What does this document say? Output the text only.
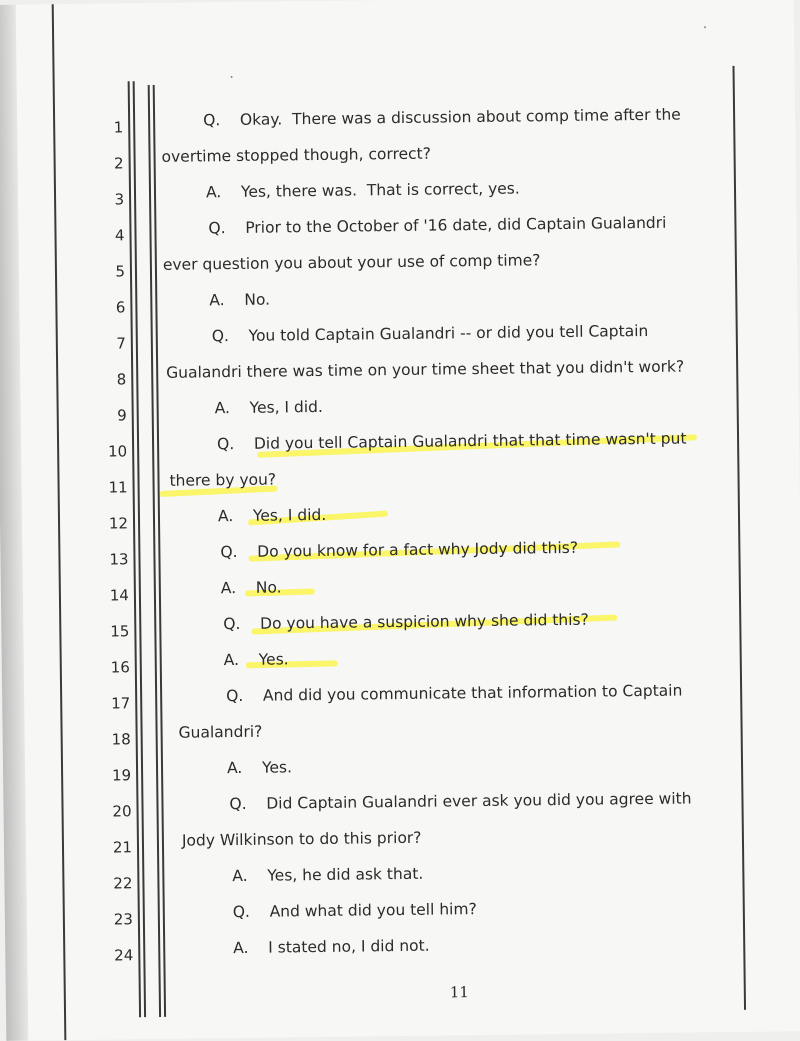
1
2
3
4
5
6
7
8
9
10
11
12
13
14
15
16
17
18
19
20
21
22
23
24
Q.    Okay.  There was a discussion about comp time after the
overtime stopped though, correct?
A.    Yes, there was.  That is correct, yes.
Q.    Prior to the October of '16 date, did Captain Gualandri
ever question you about your use of comp time?
A.    No.
Q.    You told Captain Gualandri -- or did you tell Captain
Gualandri there was time on your time sheet that you didn't work?
A.    Yes, I did.
Q.    Did you tell Captain Gualandri that that time wasn't put
there by you?
A.    Yes, I did.
Q.    Do you know for a fact why Jody did this?
A.    No.
Q.    Do you have a suspicion why she did this?
A.    Yes.
Q.    And did you communicate that information to Captain
Gualandri?
A.    Yes.
Q.    Did Captain Gualandri ever ask you did you agree with
Jody Wilkinson to do this prior?
A.    Yes, he did ask that.
Q.    And what did you tell him?
A.    I stated no, I did not.
11
